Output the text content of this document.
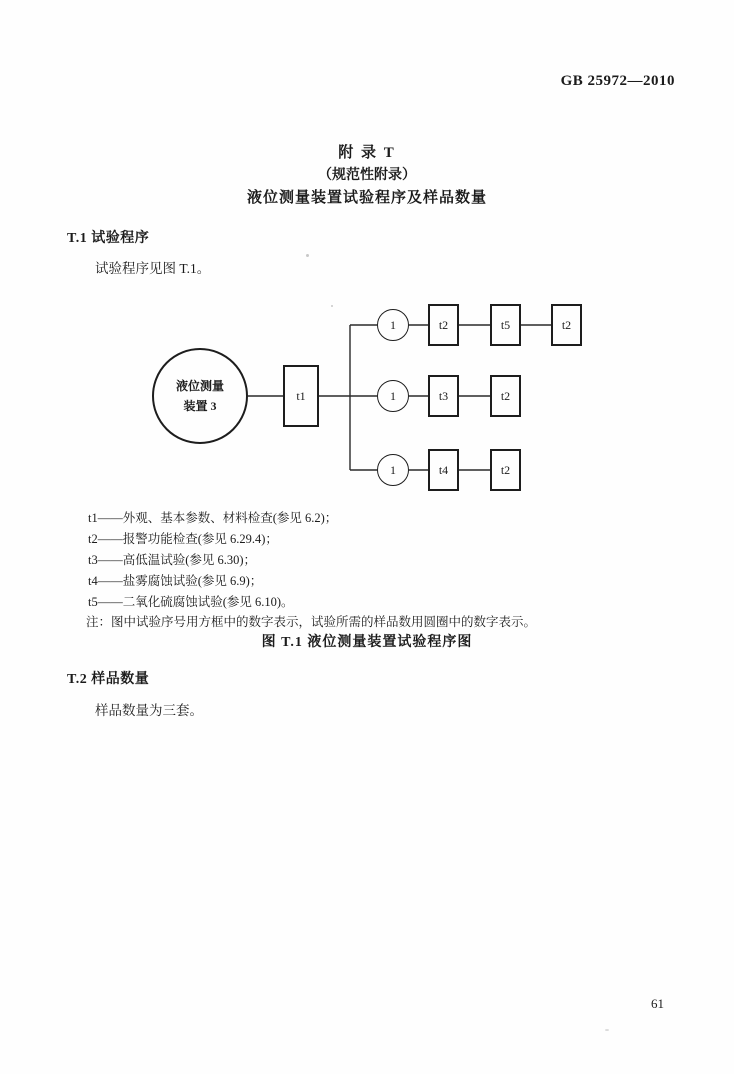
GB 25972—2010
附 录 T
（规范性附录）
液位测量装置试验程序及样品数量
T.1 试验程序
试验程序见图 T.1。
液位测量
装置 3
t1
1	t2	t5	t2
1	t3	t2
1	t4	t2
t1——外观、基本参数、材料检查(参见 6.2)；
t2——报警功能检查(参见 6.29.4)；
t3——高低温试验(参见 6.30)；
t4——盐雾腐蚀试验(参见 6.9)；
t5——二氧化硫腐蚀试验(参见 6.10)。
注：图中试验序号用方框中的数字表示，试验所需的样品数用圆圈中的数字表示。
图 T.1 液位测量装置试验程序图
T.2 样品数量
样品数量为三套。
61
